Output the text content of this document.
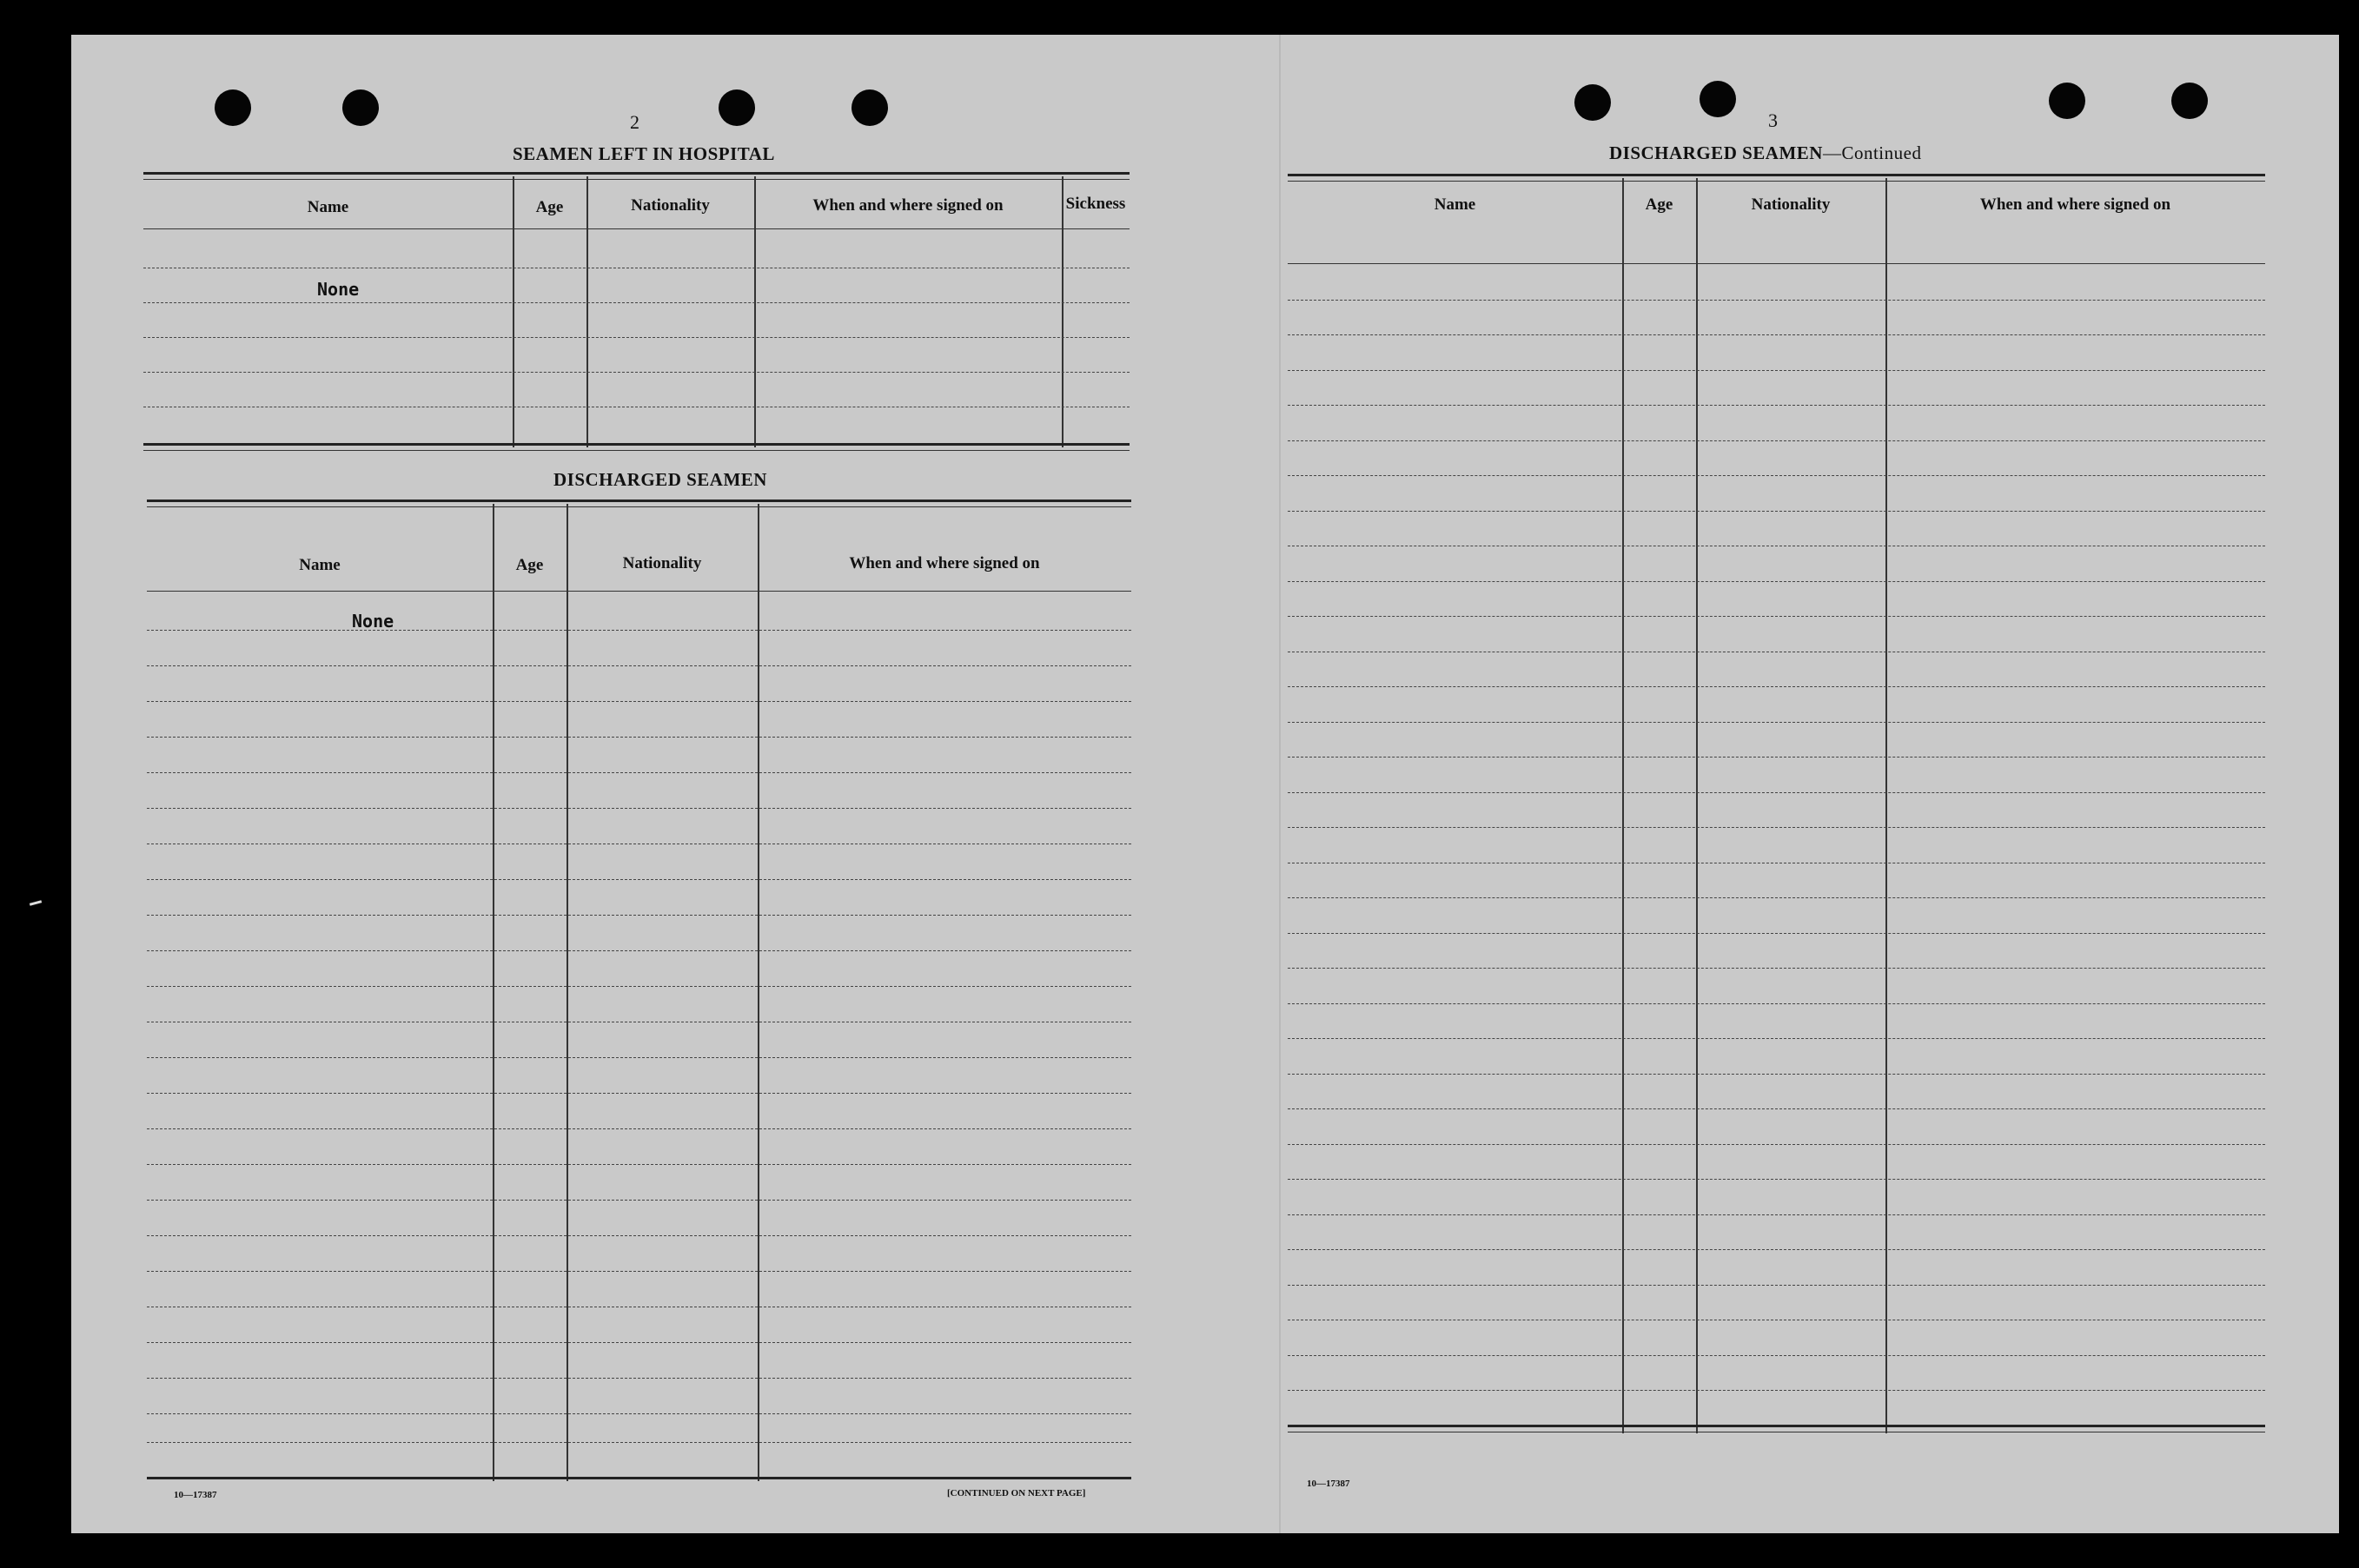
2
SEAMEN LEFT IN HOSPITAL
Name	Age	Nationality	When and where signed on	Sickness
None
DISCHARGED SEAMEN
Name	Age	Nationality	When and where signed on
None
10—17387	[CONTINUED ON NEXT PAGE]
3
DISCHARGED SEAMEN—Continued
Name	Age	Nationality	When and where signed on
10—17387
